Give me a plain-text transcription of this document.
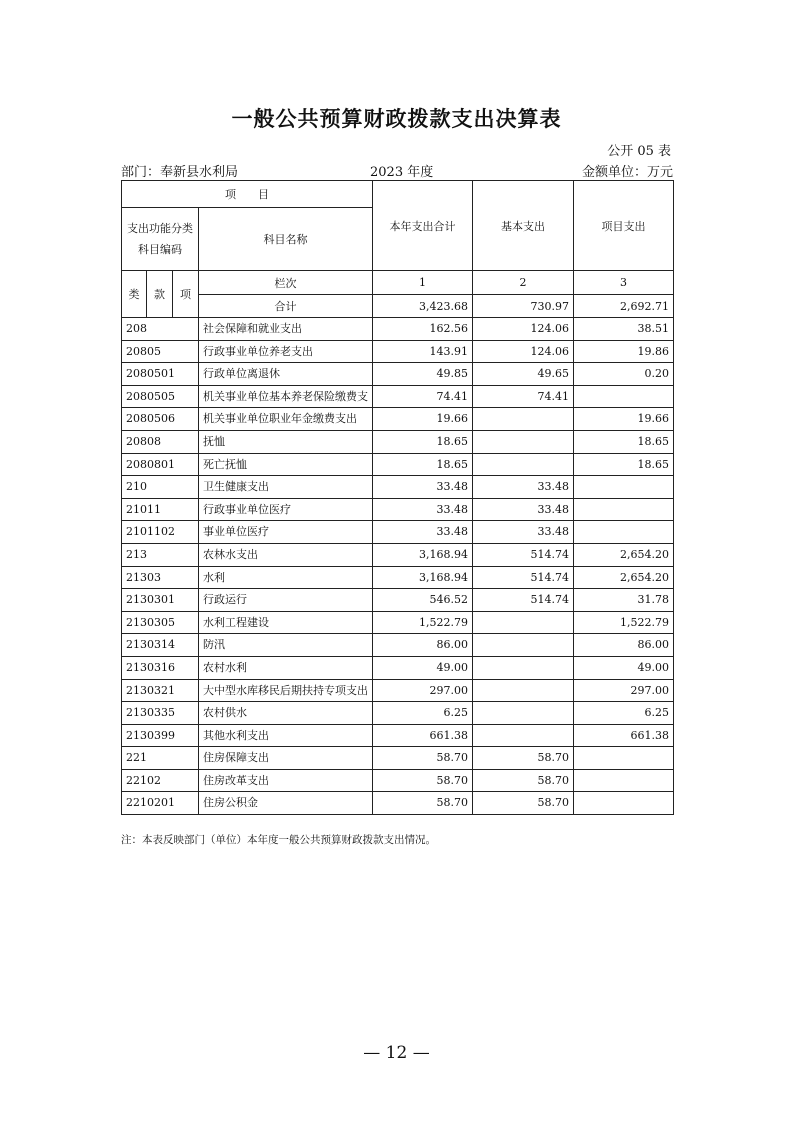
一般公共预算财政拨款支出决算表
公开 05 表
部门：奉新县水利局	2023 年度	金额单位：万元
项　　目				本年支出合计	基本支出	项目支出
支出功能分类科目编码			科目名称			

类	款	项	栏次	1	2	3
			合计	3,423.68	730.97	2,692.71
208			社会保障和就业支出	162.56	124.06	38.51
20805			行政事业单位养老支出	143.91	124.06	19.86
2080501			行政单位离退休	49.85	49.65	0.20
2080505			机关事业单位基本养老保险缴费支	74.41	74.41	
2080506			机关事业单位职业年金缴费支出	19.66		19.66
20808			抚恤	18.65		18.65
2080801			死亡抚恤	18.65		18.65
210			卫生健康支出	33.48	33.48	
21011			行政事业单位医疗	33.48	33.48	
2101102			事业单位医疗	33.48	33.48	
213			农林水支出	3,168.94	514.74	2,654.20
21303			水利	3,168.94	514.74	2,654.20
2130301			行政运行	546.52	514.74	31.78
2130305			水利工程建设	1,522.79		1,522.79
2130314			防汛	86.00		86.00
2130316			农村水利	49.00		49.00
2130321			大中型水库移民后期扶持专项支出	297.00		297.00
2130335			农村供水	6.25		6.25
2130399			其他水利支出	661.38		661.38
221			住房保障支出	58.70	58.70	
22102			住房改革支出	58.70	58.70	
2210201			住房公积金	58.70	58.70	
注：本表反映部门（单位）本年度一般公共预算财政拨款支出情况。
— 12 —
